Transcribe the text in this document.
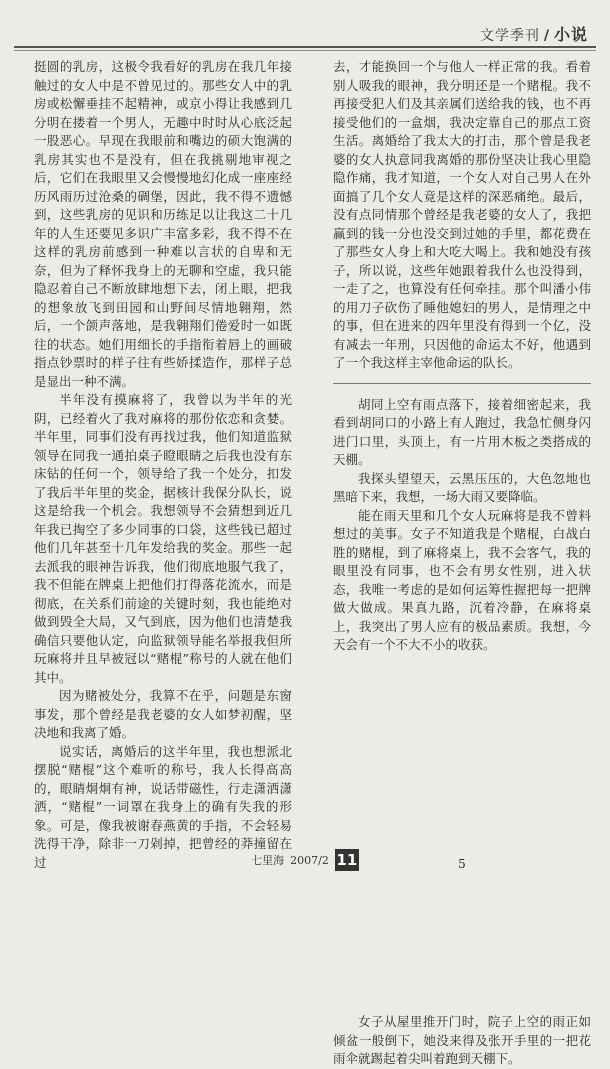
文学季刊 / 小说

挺圆的乳房，这极令我看好的乳房在我几年接触过的女人中是不曾见过的。那些女人中的乳房或松懈垂挂不起精神，或京小得让我感到几分明在搂着一个男人，无趣中时时从心底泛起一股恶心。早现在我眼前和嘴边的硕大饱满的乳房其实也不是没有，但在我挑剔地审视之后，它们在我眼里又会慢慢地幻化成一座座经历风雨历过沧桑的碉堡，因此，我不得不遗憾到，这些乳房的见识和历练足以让我这二十几年的人生还要见多识广丰富多彩，我不得不在这样的乳房前感到一种难以言状的自卑和无奈，但为了释怀我身上的无聊和空虚，我只能隐忍着自己不断放肆地想下去，闭上眼，把我的想象放飞到田园和山野间尽情地翱翔，然后，一个颌声落地，是我翱翔们倦爱时一如既往的状态。她们用细长的手指衔着唇上的画破指点钞票时的样子往有些娇揉造作，那样子总是显出一种不满。

半年没有摸麻将了，我曾以为半年的光阴，已经着火了我对麻将的那份依恋和贪婪。半年里，同事们没有再找过我，他们知道监狱领导在同我一通拍桌子瞪眼睛之后我也没有东床钻的任何一个，领导给了我一个处分，扣发了我后半年里的奖金，据核计我保分队长，说这是给我一个机会。我想领导不会猜想到近几年我已掏空了多少同事的口袋，这些钱已超过他们几年甚至十几年发给我的奖金。那些一起去派我的眼神告诉我，他们彻底地服气我了，我不但能在牌桌上把他们打得落花流水，而是彻底，在关系们前途的关键时刻，我也能绝对做到毁全大局，又气到底，因为他们也清楚我确信只要他认定，向监狱领导能名举报我但所玩麻将并且早被冠以“赌棍”称号的人就在他们其中。

因为赌被处分，我算不在乎，问题是东窗事发，那个曾经是我老婆的女人如梦初醒，坚决地和我离了婚。

说实话，离婚后的这半年里，我也想派北摆脱“赌棍”这个难听的称号，我人长得高高的，眼睛炯炯有神，说话带磁性，行走潇洒潇洒，“赌棍”一词罩在我身上的确有失我的形象。可是，像我被谢春燕黄的手指，不会轻易洗得干净，除非一刀剁掉，把曾经的莽撞留在过

去，才能换回一个与他人一样正常的我。看着别人吸我的眼神，我分明还是一个赌棍。我不再接受犯人们及其亲属们送给我的钱，也不再接受他们的一盒烟，我决定靠自己的那点工资生活。离婚给了我太大的打击，那个曾是我老婆的女人执意同我离婚的那份坚决让我心里隐隐作痛，我才知道，一个女人对自己男人在外面搞了几个女人竟是这样的深恶痛绝。最后，没有点同情那个曾经是我老婆的女人了，我把赢到的钱一分也没交到过她的手里，都花费在了那些女人身上和大吃大喝上。我和她没有孩子，所以说，这些年她跟着我什么也没得到，一走了之，也算没有任何牵挂。那个叫潘小伟的用刀子砍伤了睡他媳妇的男人，是情理之中的事，但在进来的四年里没有得到一个亿，没有减去一年刑，只因他的命运太不好，他遇到了一个我这样主宰他命运的队长。

胡同上空有雨点落下，接着细密起来，我看到胡同口的小路上有人跑过，我急忙侧身闪进门口里，头顶上，有一片用木板之类搭成的天棚。

我探头望望天，云黑压压的，大色忽地也黑暗下来，我想，一场大雨又要降临。

能在雨天里和几个女人玩麻将是我不曾料想过的美事。女子不知道我是个赌棍，白战白胜的赌棍，到了麻将桌上，我不会客气，我的眼里没有同事，也不会有男女性别，进入状态，我唯一考虑的是如何运筹性握把每一把牌做大做成。果真九路，沉着冷静，在麻将桌上，我突出了男人应有的极品素质。我想，今天会有一个不大不小的收获。

5

女子从屋里推开门时，院子上空的雨正如倾盆一般倒下，她没来得及张开手里的一把花雨伞就踢起着尖叫着跑到天棚下。

七里海 2007/2 11
